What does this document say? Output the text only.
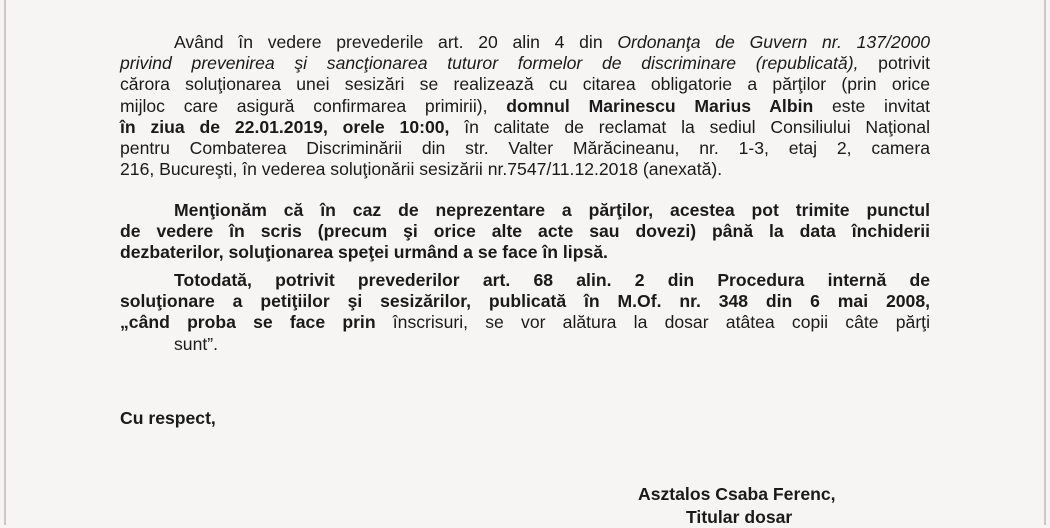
Având în vedere prevederile art. 20 alin 4 din Ordonanţa de Guvern nr. 137/2000
privind prevenirea şi sancţionarea tuturor formelor de discriminare (republicată), potrivit
cărora soluţionarea unei sesizări se realizează cu citarea obligatorie a părţilor (prin orice
mijloc care asigură confirmarea primirii), domnul Marinescu Marius Albin este invitat
în ziua de 22.01.2019, orele 10:00, în calitate de reclamat la sediul Consiliului Naţional
pentru Combaterea Discriminării din str. Valter Mărăcineanu, nr. 1-3, etaj 2, camera
216, Bucureşti, în vederea soluţionării sesizării nr.7547/11.12.2018 (anexată).
Menţionăm că în caz de neprezentare a părţilor, acestea pot trimite punctul
de vedere în scris (precum şi orice alte acte sau dovezi) până la data închiderii
dezbaterilor, soluţionarea speţei urmând a se face în lipsă.
Totodată, potrivit prevederilor art. 68 alin. 2 din Procedura internă de
soluţionare a petiţiilor şi sesizărilor, publicată în M.Of. nr. 348 din 6 mai 2008,
„când proba se face prin înscrisuri, se vor alătura la dosar atâtea copii câte părţi
sunt”.

Cu respect,

Asztalos Csaba Ferenc,

Titular dosar
